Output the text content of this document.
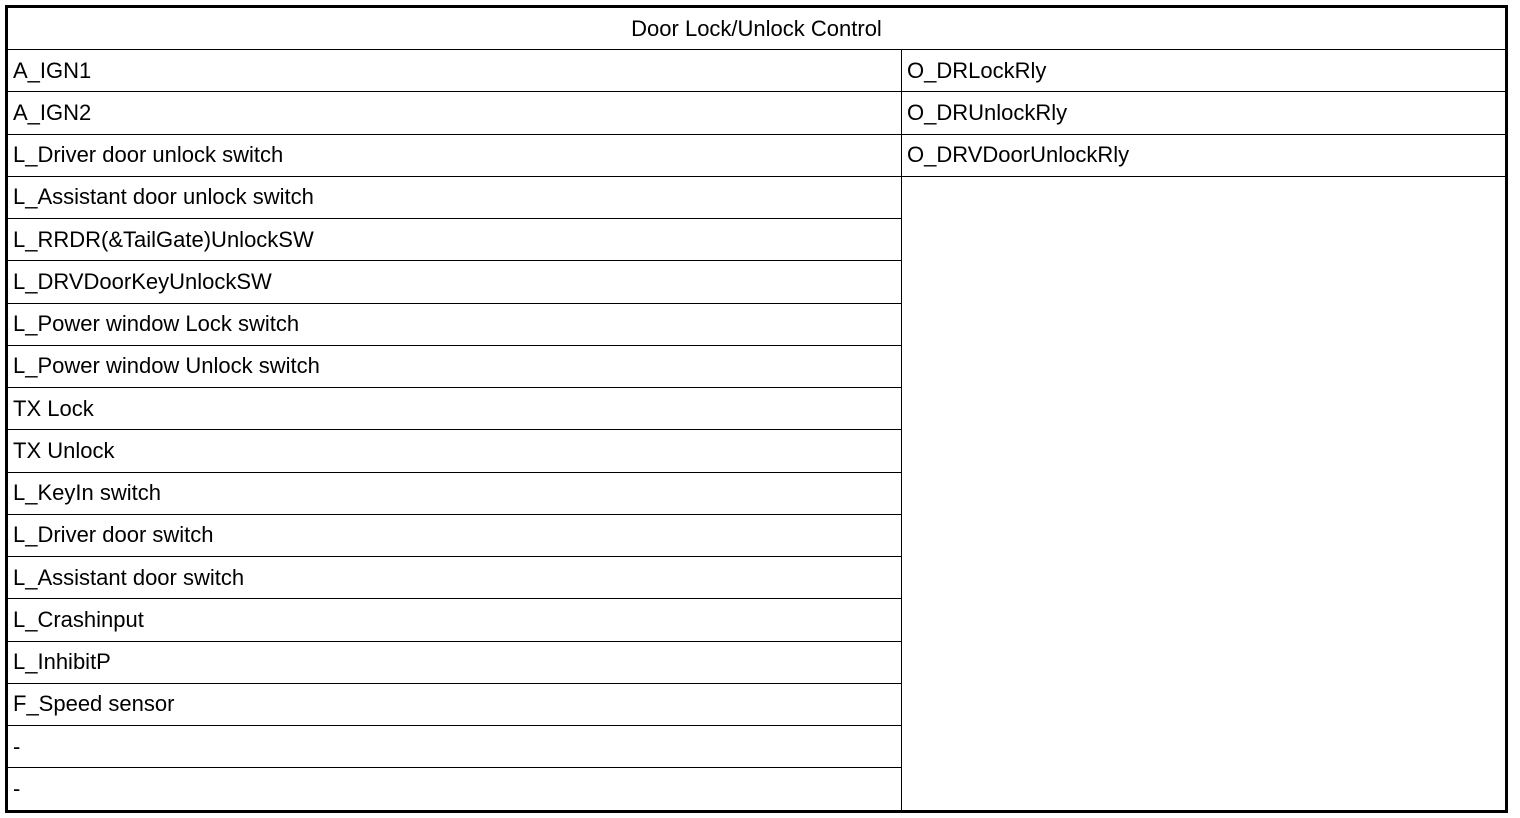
Door Lock/Unlock Control
A_IGN1
A_IGN2
L_Driver door unlock switch
L_Assistant door unlock switch
L_RRDR(&TailGate)UnlockSW
L_DRVDoorKeyUnlockSW
L_Power window Lock switch
L_Power window Unlock switch
TX Lock
TX Unlock
L_KeyIn switch
L_Driver door switch
L_Assistant door switch
L_Crashinput
L_InhibitP
F_Speed sensor
-
-
O_DRLockRly
O_DRUnlockRly
O_DRVDoorUnlockRly
